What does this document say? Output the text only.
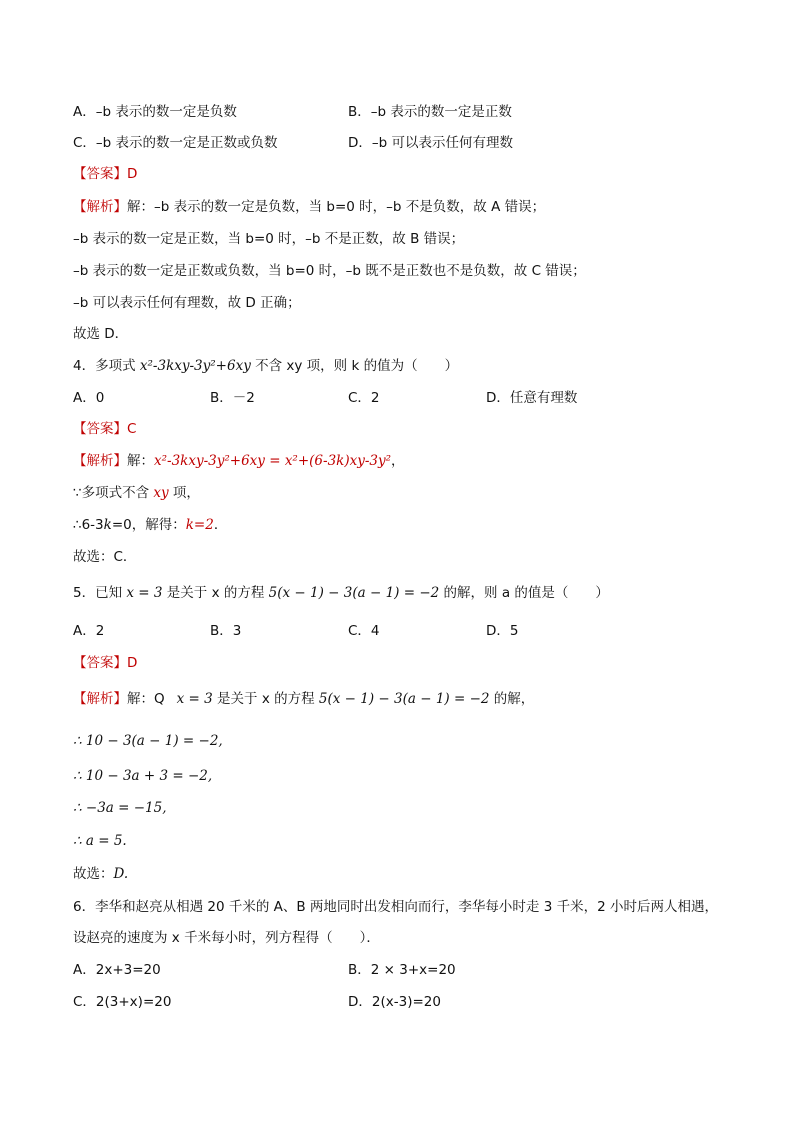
A．–b 表示的数一定是负数	B．–b 表示的数一定是正数
C．–b 表示的数一定是正数或负数	D．–b 可以表示任何有理数
【答案】D
【解析】解：–b 表示的数一定是负数，当 b=0 时，–b 不是负数，故 A 错误；
–b 表示的数一定是正数，当 b=0 时，–b 不是正数，故 B 错误；
–b 表示的数一定是正数或负数，当 b=0 时，–b 既不是正数也不是负数，故 C 错误；
–b 可以表示任何有理数，故 D 正确；
故选 D．
4．多项式 x²-3kxy-3y²+6xy 不含 xy 项，则 k 的值为（　　）
A．0	B．－2	C．2	D．任意有理数
【答案】C
【解析】解：x²-3kxy-3y²+6xy = x²+(6-3k)xy-3y²，
∵多项式不含 xy 项，
∴6-3k=0，解得：k=2．
故选：C．
5．已知 x = 3 是关于 x 的方程 5(x − 1) − 3(a − 1) = −2 的解，则 a 的值是（　　）
A．2	B．3	C．4	D．5
【答案】D
【解析】解：Q x = 3 是关于 x 的方程 5(x − 1) − 3(a − 1) = −2 的解，
∴ 10 − 3(a − 1) = −2,
∴ 10 − 3a + 3 = −2,
∴ −3a = −15,
∴ a = 5.
故选：D.
6．李华和赵亮从相遇 20 千米的 A、B 两地同时出发相向而行，李华每小时走 3 千米，2 小时后两人相遇，
设赵亮的速度为 x 千米每小时，列方程得（　　）．
A．2x+3=20	B．2 × 3+x=20
C．2(3+x)=20	D．2(x-3)=20
